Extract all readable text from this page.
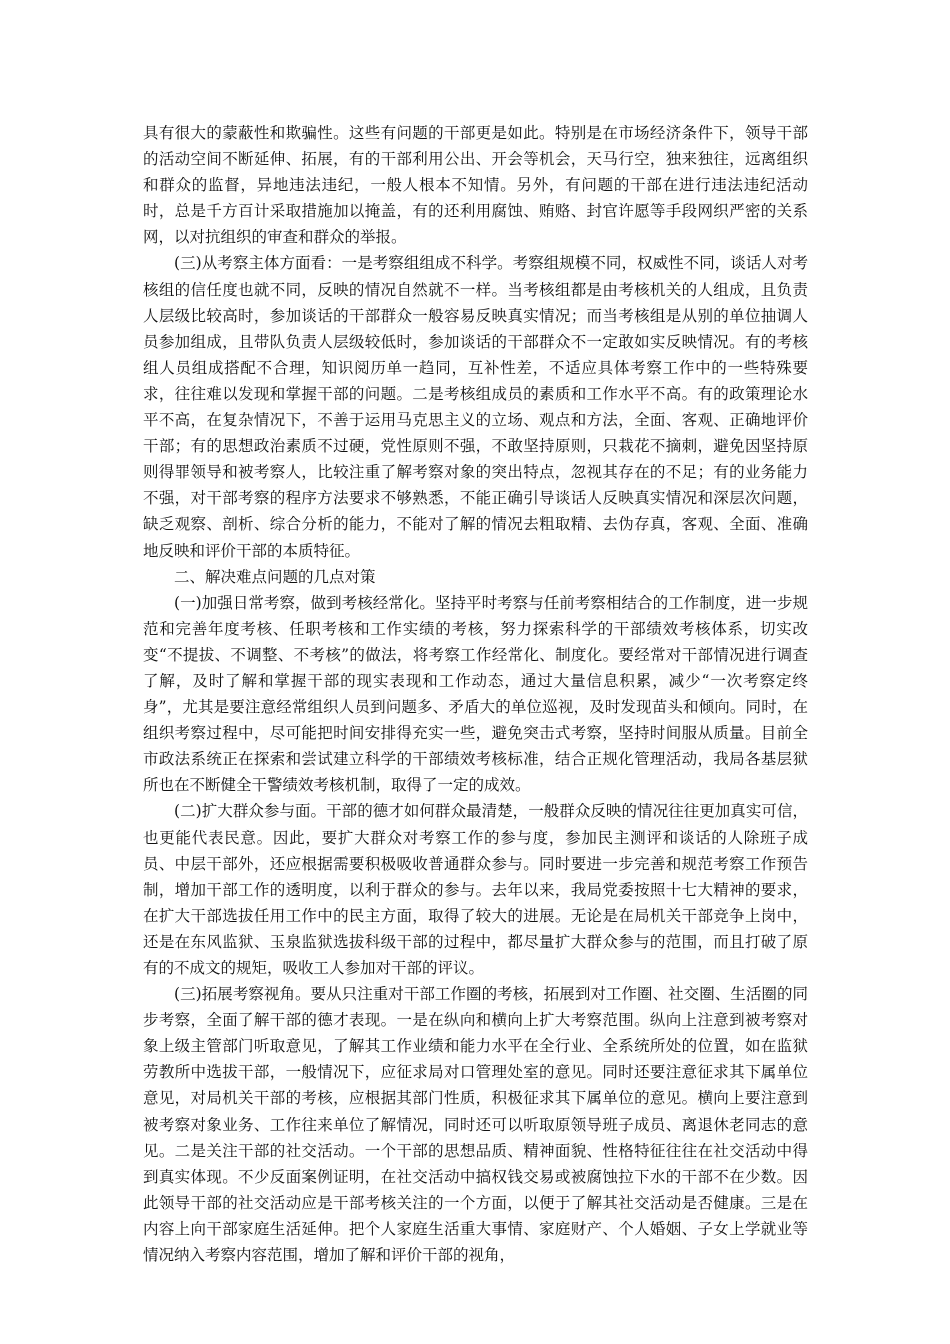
具有很大的蒙蔽性和欺骗性。这些有问题的干部更是如此。特别是在市场经济条件下，领导干部的活动空间不断延伸、拓展，有的干部利用公出、开会等机会，天马行空，独来独往，远离组织和群众的监督，异地违法违纪，一般人根本不知情。另外，有问题的干部在进行违法违纪活动时，总是千方百计采取措施加以掩盖，有的还利用腐蚀、贿赂、封官许愿等手段网织严密的关系网，以对抗组织的审查和群众的举报。

(三)从考察主体方面看：一是考察组组成不科学。考察组规模不同，权威性不同，谈话人对考核组的信任度也就不同，反映的情况自然就不一样。当考核组都是由考核机关的人组成，且负责人层级比较高时，参加谈话的干部群众一般容易反映真实情况；而当考核组是从别的单位抽调人员参加组成，且带队负责人层级较低时，参加谈话的干部群众不一定敢如实反映情况。有的考核组人员组成搭配不合理，知识阅历单一趋同，互补性差，不适应具体考察工作中的一些特殊要求，往往难以发现和掌握干部的问题。二是考核组成员的素质和工作水平不高。有的政策理论水平不高，在复杂情况下，不善于运用马克思主义的立场、观点和方法，全面、客观、正确地评价干部；有的思想政治素质不过硬，党性原则不强，不敢坚持原则，只栽花不摘刺，避免因坚持原则得罪领导和被考察人，比较注重了解考察对象的突出特点，忽视其存在的不足；有的业务能力不强，对干部考察的程序方法要求不够熟悉，不能正确引导谈话人反映真实情况和深层次问题，缺乏观察、剖析、综合分析的能力，不能对了解的情况去粗取精、去伪存真，客观、全面、准确地反映和评价干部的本质特征。

二、解决难点问题的几点对策

(一)加强日常考察，做到考核经常化。坚持平时考察与任前考察相结合的工作制度，进一步规范和完善年度考核、任职考核和工作实绩的考核，努力探索科学的干部绩效考核体系，切实改变“不提拔、不调整、不考核”的做法，将考察工作经常化、制度化。要经常对干部情况进行调查了解，及时了解和掌握干部的现实表现和工作动态，通过大量信息积累，减少“一次考察定终身”，尤其是要注意经常组织人员到问题多、矛盾大的单位巡视，及时发现苗头和倾向。同时，在组织考察过程中，尽可能把时间安排得充实一些，避免突击式考察，坚持时间服从质量。目前全市政法系统正在探索和尝试建立科学的干部绩效考核标准，结合正规化管理活动，我局各基层狱所也在不断健全干警绩效考核机制，取得了一定的成效。

(二)扩大群众参与面。干部的德才如何群众最清楚，一般群众反映的情况往往更加真实可信，也更能代表民意。因此，要扩大群众对考察工作的参与度，参加民主测评和谈话的人除班子成员、中层干部外，还应根据需要积极吸收普通群众参与。同时要进一步完善和规范考察工作预告制，增加干部工作的透明度，以利于群众的参与。去年以来，我局党委按照十七大精神的要求，在扩大干部选拔任用工作中的民主方面，取得了较大的进展。无论是在局机关干部竞争上岗中，还是在东风监狱、玉泉监狱选拔科级干部的过程中，都尽量扩大群众参与的范围，而且打破了原有的不成文的规矩，吸收工人参加对干部的评议。

(三)拓展考察视角。要从只注重对干部工作圈的考核，拓展到对工作圈、社交圈、生活圈的同步考察，全面了解干部的德才表现。一是在纵向和横向上扩大考察范围。纵向上注意到被考察对象上级主管部门听取意见，了解其工作业绩和能力水平在全行业、全系统所处的位置，如在监狱劳教所中选拔干部，一般情况下，应征求局对口管理处室的意见。同时还要注意征求其下属单位意见，对局机关干部的考核，应根据其部门性质，积极征求其下属单位的意见。横向上要注意到被考察对象业务、工作往来单位了解情况，同时还可以听取原领导班子成员、离退休老同志的意见。二是关注干部的社交活动。一个干部的思想品质、精神面貌、性格特征往往在社交活动中得到真实体现。不少反面案例证明，在社交活动中搞权钱交易或被腐蚀拉下水的干部不在少数。因此领导干部的社交活动应是干部考核关注的一个方面，以便于了解其社交活动是否健康。三是在内容上向干部家庭生活延伸。把个人家庭生活重大事情、家庭财产、个人婚姻、子女上学就业等情况纳入考察内容范围，增加了解和评价干部的视角，
